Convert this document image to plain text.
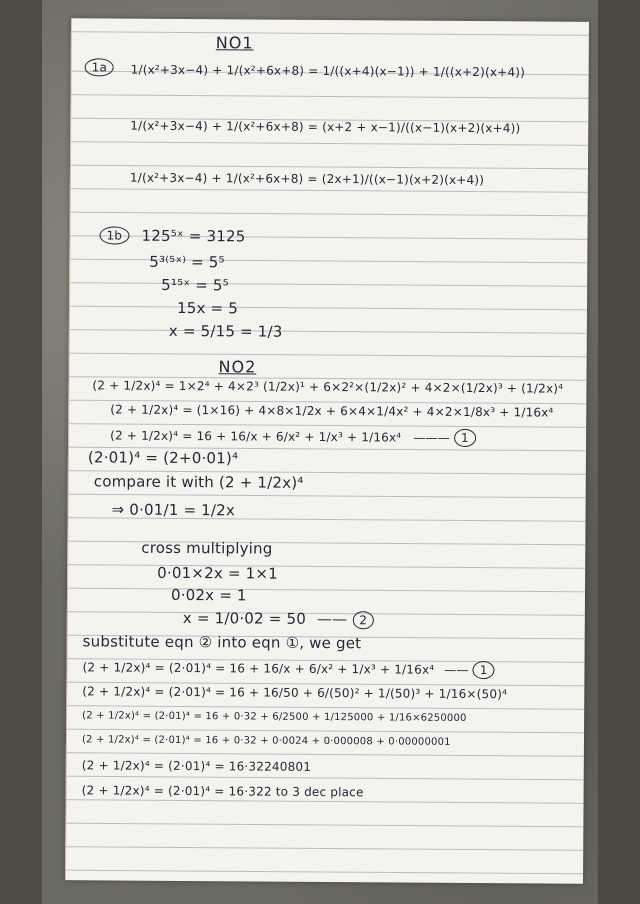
NO1
1a	1/(x²+3x−4) + 1/(x²+6x+8) = 1/((x+4)(x−1)) + 1/((x+2)(x+4))
1/(x²+3x−4) + 1/(x²+6x+8) = (x+2 + x−1)/((x−1)(x+2)(x+4))
1/(x²+3x−4) + 1/(x²+6x+8) = (2x+1)/((x−1)(x+2)(x+4))
1b	125⁵ˣ = 3125
5³⁽⁵ˣ⁾ = 5⁵
5¹⁵ˣ = 5⁵
15x = 5
x = 5/15 = 1/3
NO2
(2 + 1/2x)⁴ = 1×2⁴ + 4×2³ (1/2x)¹ + 6×2²×(1/2x)² + 4×2×(1/2x)³ + (1/2x)⁴
(2 + 1/2x)⁴ = (1×16) + 4×8×1/2x + 6×4×1/4x² + 4×2×1/8x³ + 1/16x⁴
(2 + 1/2x)⁴ = 16 + 16/x + 6/x² + 1/x³ + 1/16x⁴ ——— 1
(2·01)⁴ = (2+0·01)⁴
compare it with (2 + 1/2x)⁴
⇒ 0·01/1 = 1/2x
cross multiplying
0·01×2x = 1×1
0·02x = 1
x = 1/0·02 = 50 —— 2
substitute eqn ② into eqn ①, we get
(2 + 1/2x)⁴ = (2·01)⁴ = 16 + 16/x + 6/x² + 1/x³ + 1/16x⁴ —— 1
(2 + 1/2x)⁴ = (2·01)⁴ = 16 + 16/50 + 6/(50)² + 1/(50)³ + 1/16×(50)⁴
(2 + 1/2x)⁴ = (2·01)⁴ = 16 + 0·32 + 6/2500 + 1/125000 + 1/16×6250000
(2 + 1/2x)⁴ = (2·01)⁴ = 16 + 0·32 + 0·0024 + 0·000008 + 0·00000001
(2 + 1/2x)⁴ = (2·01)⁴ = 16·32240801
(2 + 1/2x)⁴ = (2·01)⁴ = 16·322 to 3 dec place
